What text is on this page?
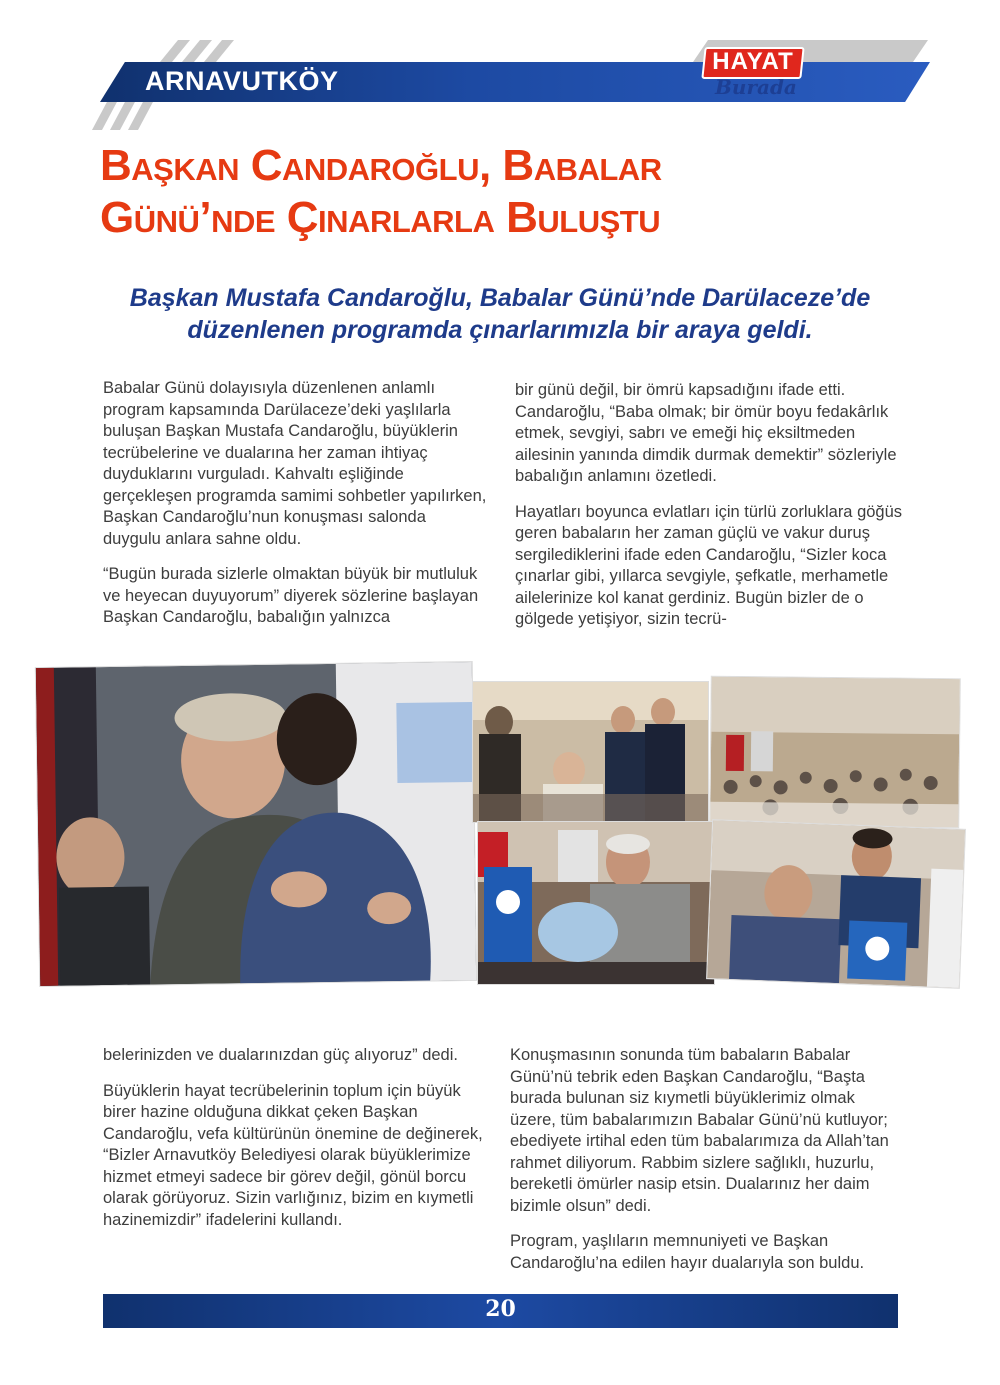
ARNAVUTKÖY
HAYAT
Burada
Başkan Candaroğlu, Babalar
Günü’nde Çınarlarla Buluştu
Başkan Mustafa Candaroğlu, Babalar Günü’nde Darülaceze’de
düzenlenen programda çınarlarımızla bir araya geldi.

Babalar Günü dolayısıyla düzenlenen anlamlı program kapsamında Darülaceze’deki yaşlılarla buluşan Başkan Mustafa Candaroğlu, büyüklerin tecrübelerine ve dualarına her zaman ihtiyaç duyduklarını vurguladı. Kahvaltı eşliğinde gerçekleşen programda samimi sohbetler yapılırken, Başkan Candaroğlu’nun konuşması salonda duygulu anlara sahne oldu.

“Bugün burada sizlerle olmaktan büyük bir mutluluk ve heyecan duyuyorum” diyerek sözlerine başlayan Başkan Candaroğlu, babalığın yalnızca

bir günü değil, bir ömrü kapsadığını ifade etti. Candaroğlu, “Baba olmak; bir ömür boyu fedakârlık etmek, sevgiyi, sabrı ve emeği hiç eksiltmeden ailesinin yanında dimdik durmak demektir” sözleriyle babalığın anlamını özetledi.

Hayatları boyunca evlatları için türlü zorluklara göğüs geren babaların her zaman güçlü ve vakur duruş sergilediklerini ifade eden Candaroğlu, “Sizler koca çınarlar gibi, yıllarca sevgiyle, şefkatle, merhametle ailelerinize kol kanat gerdiniz. Bugün bizler de o gölgede yetişiyor, sizin tecrü-

belerinizden ve dualarınızdan güç alıyoruz” dedi.

Büyüklerin hayat tecrübelerinin toplum için büyük birer hazine olduğuna dikkat çeken Başkan Candaroğlu, vefa kültürünün önemine de değinerek, “Bizler Arnavutköy Belediyesi olarak büyüklerimize hizmet etmeyi sadece bir görev değil, gönül borcu olarak görüyoruz. Sizin varlığınız, bizim en kıymetli hazinemizdir” ifadelerini kullandı.

Konuşmasının sonunda tüm babaların Babalar Günü’nü tebrik eden Başkan Candaroğlu, “Başta burada bulunan siz kıymetli büyüklerimiz olmak üzere, tüm babalarımızın Babalar Günü’nü kutluyor; ebediyete irtihal eden tüm babalarımıza da Allah’tan rahmet diliyorum. Rabbim sizlere sağlıklı, huzurlu, bereketli ömürler nasip etsin. Dualarınız her daim bizimle olsun” dedi.

Program, yaşlıların memnuniyeti ve Başkan Candaroğlu’na edilen hayır dualarıyla son buldu.

20
